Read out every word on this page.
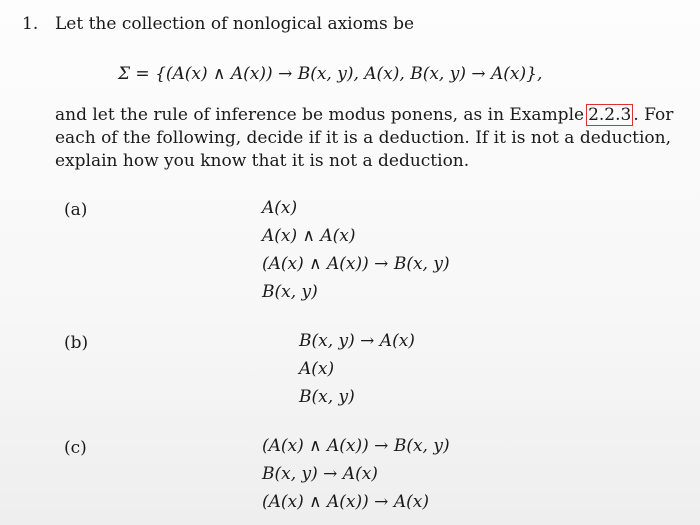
1. Let the collection of nonlogical axioms be
Σ = {(A(x) ∧ A(x)) → B(x, y), A(x), B(x, y) → A(x)},
and let the rule of inference be modus ponens, as in Example 2.2.3 . For
each of the following, decide if it is a deduction. If it is not a deduction,
explain how you know that it is not a deduction.
(a)	A(x)
A(x) ∧ A(x)
(A(x) ∧ A(x)) → B(x, y)
B(x, y)
(b)	B(x, y) → A(x)
A(x)
B(x, y)
(c)	(A(x) ∧ A(x)) → B(x, y)
B(x, y) → A(x)
(A(x) ∧ A(x)) → A(x)
